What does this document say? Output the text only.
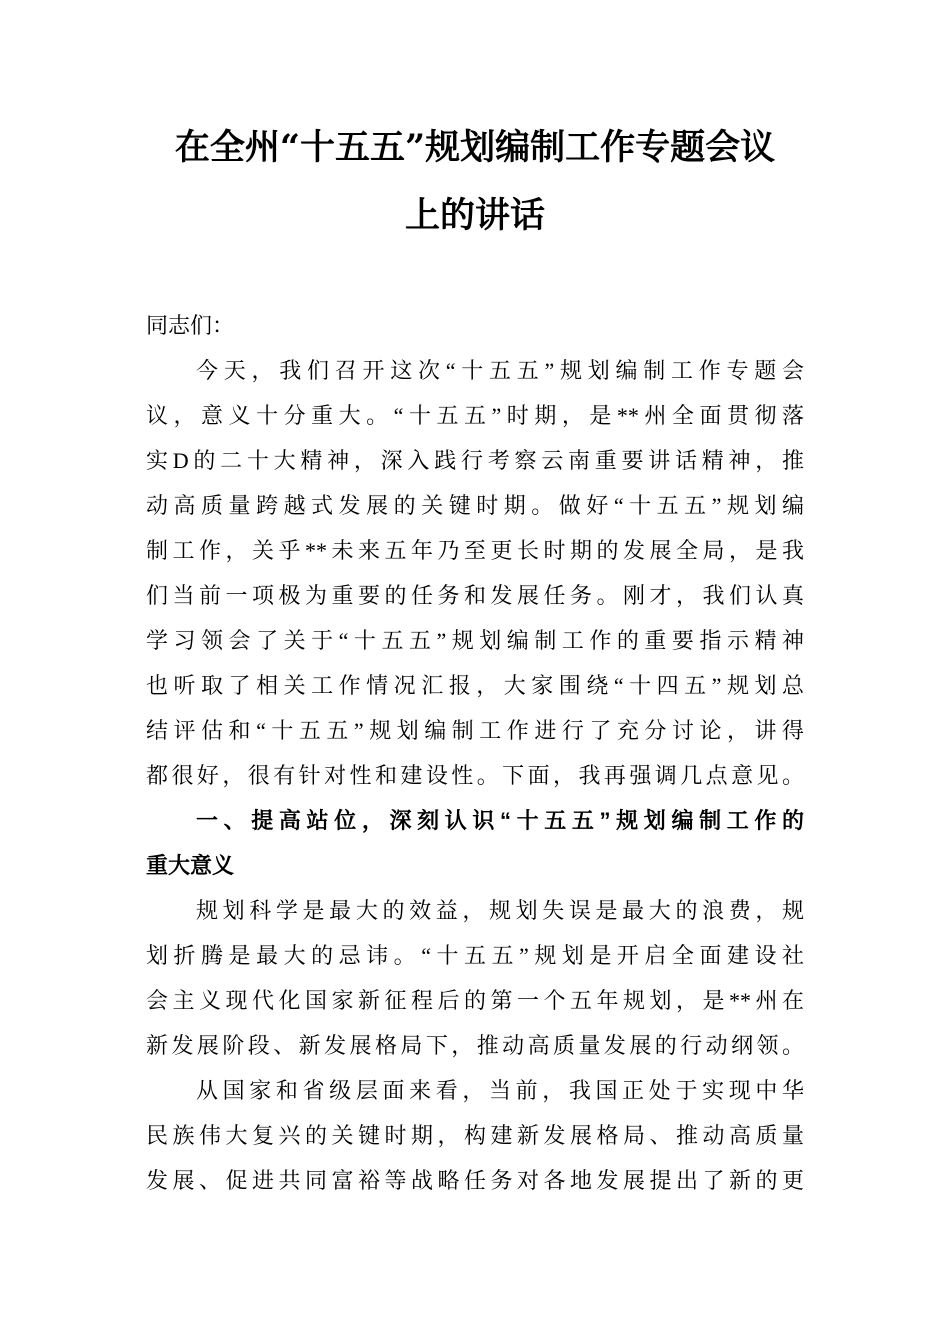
在全州“十五五”规划编制工作专题会议
上的讲话
同志们：
今天，我们召开这次“十五五”规划编制工作专题会
议，意义十分重大。“十五五”时期，是**州全面贯彻落
实D的二十大精神，深入践行考察云南重要讲话精神，推
动高质量跨越式发展的关键时期。做好“十五五”规划编
制工作，关乎**未来五年乃至更长时期的发展全局，是我
们当前一项极为重要的任务和发展任务。刚才，我们认真
学习领会了关于“十五五”规划编制工作的重要指示精神
也听取了相关工作情况汇报，大家围绕“十四五”规划总
结评估和“十五五”规划编制工作进行了充分讨论，讲得
都很好，很有针对性和建设性。下面，我再强调几点意见。
一、提高站位，深刻认识“十五五”规划编制工作的
重大意义
规划科学是最大的效益，规划失误是最大的浪费，规
划折腾是最大的忌讳。“十五五”规划是开启全面建设社
会主义现代化国家新征程后的第一个五年规划，是**州在
新发展阶段、新发展格局下，推动高质量发展的行动纲领。
从国家和省级层面来看，当前，我国正处于实现中华
民族伟大复兴的关键时期，构建新发展格局、推动高质量
发展、促进共同富裕等战略任务对各地发展提出了新的更
